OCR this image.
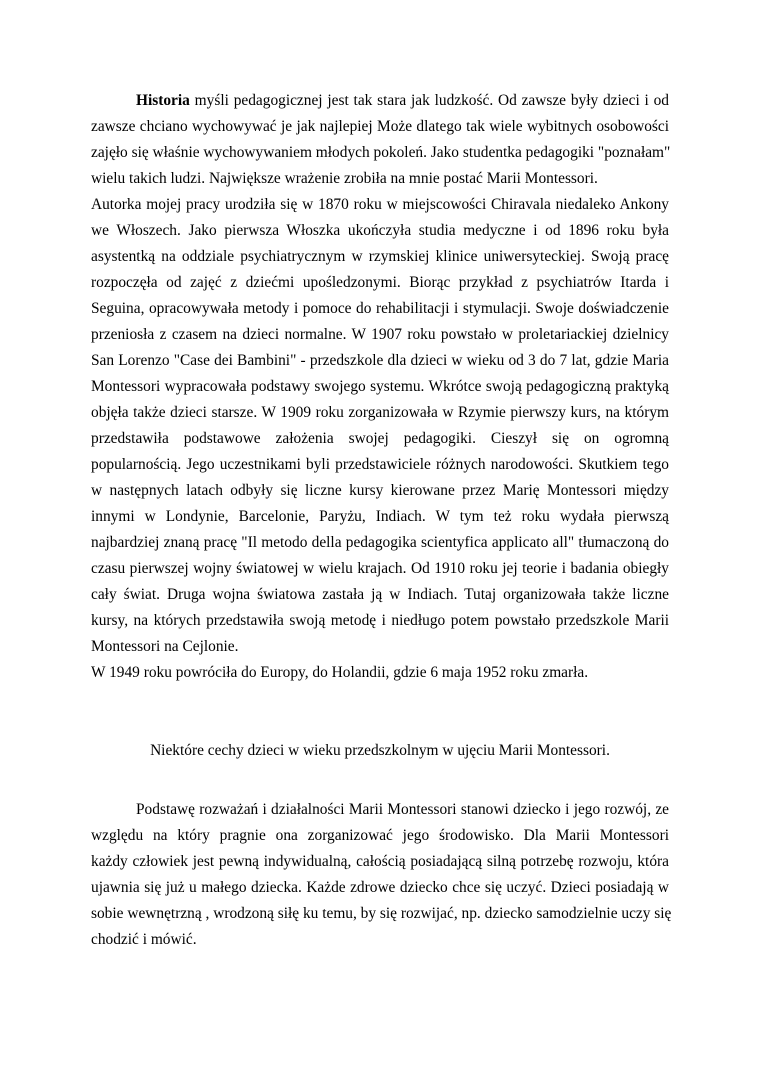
Historia myśli pedagogicznej jest tak stara jak ludzkość. Od zawsze były dzieci i od
zawsze chciano wychowywać je jak najlepiej Może dlatego tak wiele wybitnych osobowości
zajęło się właśnie wychowywaniem młodych pokoleń. Jako studentka pedagogiki "poznałam"
wielu takich ludzi. Największe wrażenie zrobiła na mnie postać Marii Montessori.
Autorka mojej pracy urodziła się w 1870 roku w miejscowości Chiravala niedaleko Ankony
we Włoszech. Jako pierwsza Włoszka ukończyła studia medyczne i od 1896 roku była
asystentką na oddziale psychiatrycznym w rzymskiej klinice uniwersyteckiej. Swoją pracę
rozpoczęła od zajęć z dziećmi upośledzonymi. Biorąc przykład z psychiatrów Itarda i
Seguina, opracowywała metody i pomoce do rehabilitacji i stymulacji. Swoje doświadczenie
przeniosła z czasem na dzieci normalne. W 1907 roku powstało w proletariackiej dzielnicy
San Lorenzo "Case dei Bambini" - przedszkole dla dzieci w wieku od 3 do 7 lat, gdzie Maria
Montessori wypracowała podstawy swojego systemu. Wkrótce swoją pedagogiczną praktyką
objęła także dzieci starsze. W 1909 roku zorganizowała w Rzymie pierwszy kurs, na którym
przedstawiła podstawowe założenia swojej pedagogiki. Cieszył się on ogromną
popularnością. Jego uczestnikami byli przedstawiciele różnych narodowości. Skutkiem tego
w następnych latach odbyły się liczne kursy kierowane przez Marię Montessori między
innymi w Londynie, Barcelonie, Paryżu, Indiach. W tym też roku wydała pierwszą
najbardziej znaną pracę "Il metodo della pedagogika scientyfica applicato all" tłumaczoną do
czasu pierwszej wojny światowej w wielu krajach. Od 1910 roku jej teorie i badania obiegły
cały świat. Druga wojna światowa zastała ją w Indiach. Tutaj organizowała także liczne
kursy, na których przedstawiła swoją metodę i niedługo potem powstało przedszkole Marii
Montessori na Cejlonie.
W 1949 roku powróciła do Europy, do Holandii, gdzie 6 maja 1952 roku zmarła.
Niektóre cechy dzieci w wieku przedszkolnym w ujęciu Marii Montessori.
Podstawę rozważań i działalności Marii Montessori stanowi dziecko i jego rozwój, ze
względu na który pragnie ona zorganizować jego środowisko. Dla Marii Montessori
każdy człowiek jest pewną indywidualną, całością posiadającą silną potrzebę rozwoju, która
ujawnia się już u małego dziecka. Każde zdrowe dziecko chce się uczyć. Dzieci posiadają w
sobie wewnętrzną , wrodzoną siłę ku temu, by się rozwijać, np. dziecko samodzielnie uczy się
chodzić i mówić.
